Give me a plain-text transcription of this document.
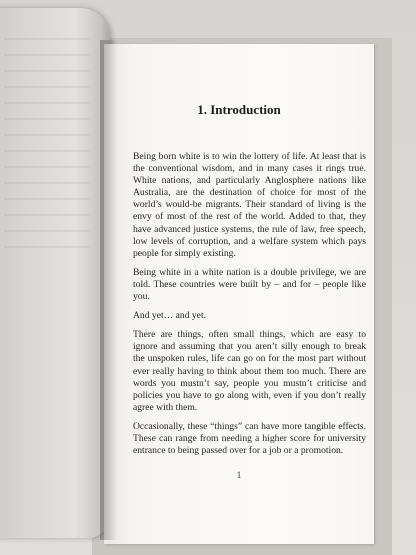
1. Introduction

Being born white is to win the lottery of life. At least that is the conventional wisdom, and in many cases it rings true. White nations, and particularly Anglosphere nations like Australia, are the destination of choice for most of the world’s would-be migrants. Their standard of living is the envy of most of the rest of the world. Added to that, they have advanced justice systems, the rule of law, free speech, low levels of corruption, and a welfare system which pays people for simply existing.

Being white in a white nation is a double privilege, we are told. These countries were built by – and for – people like you.

And yet… and yet.

There are things, often small things, which are easy to ignore and assuming that you aren’t silly enough to break the unspoken rules, life can go on for the most part without ever really having to think about them too much. There are words you mustn’t say, people you mustn’t criticise and policies you have to go along with, even if you don’t really agree with them.

Occasionally, these “things” can have more tangible effects. These can range from needing a higher score for university entrance to being passed over for a job or a promotion.

1
